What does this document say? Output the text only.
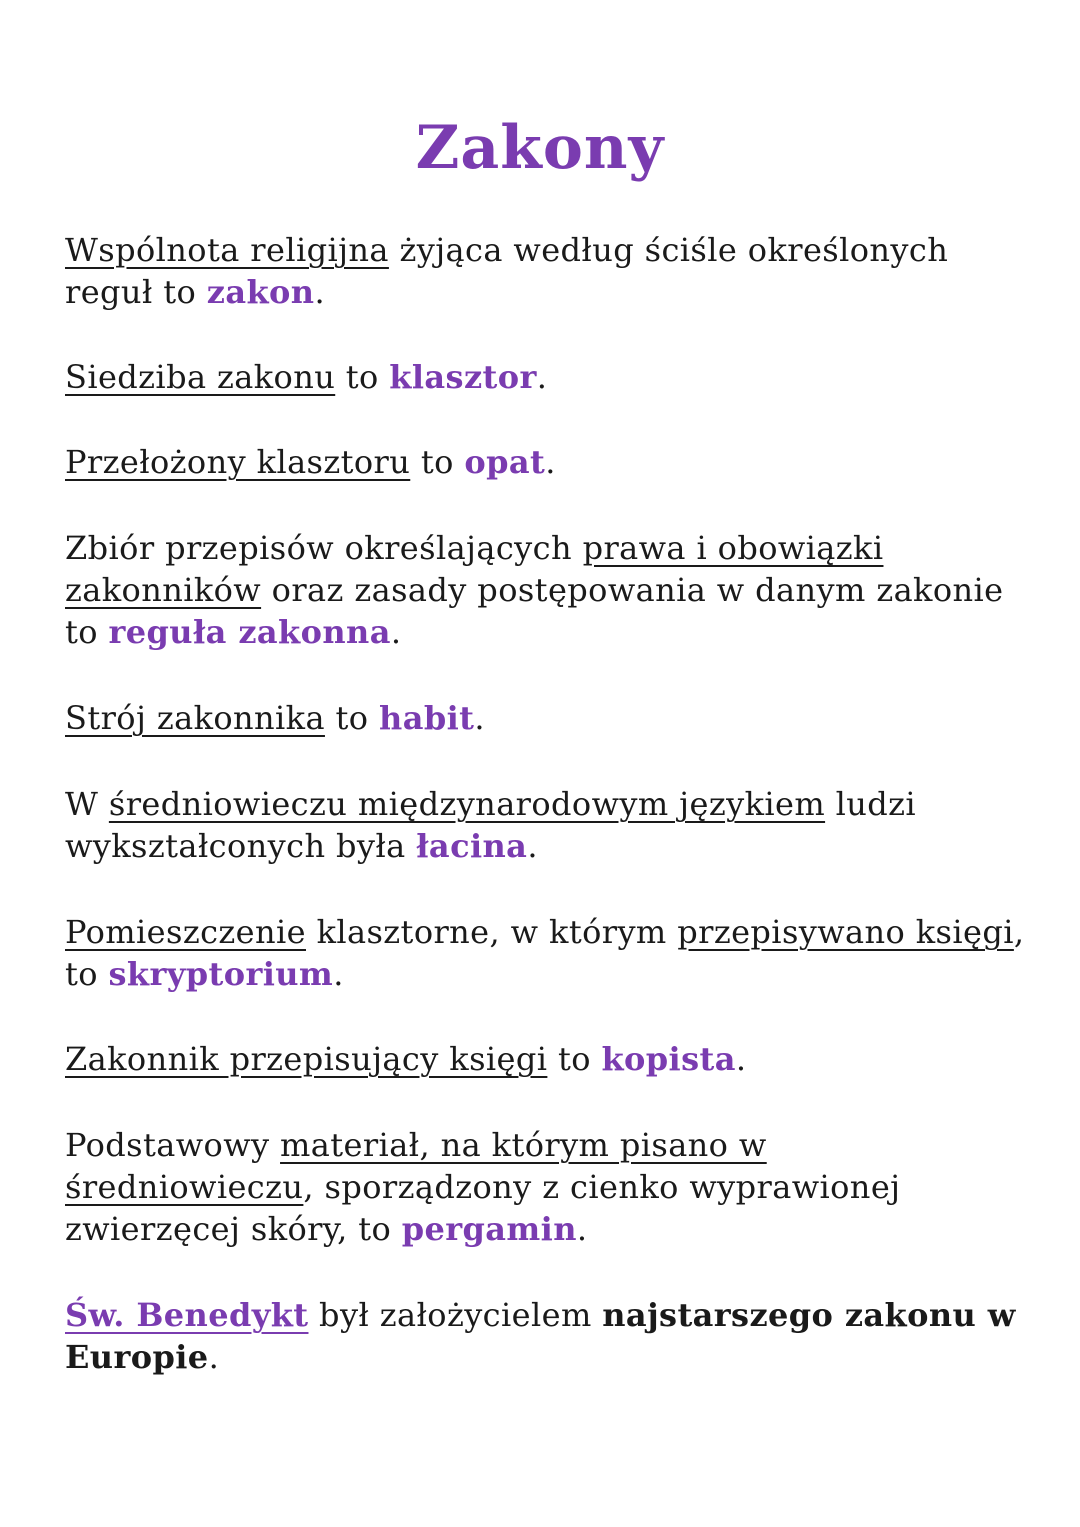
Zakony

Wspólnota religijna żyjąca według ściśle określonych reguł to zakon.

Siedziba zakonu to klasztor.

Przełożony klasztoru to opat.

Zbiór przepisów określających prawa i obowiązki zakonników oraz zasady postępowania w danym zakonie to reguła zakonna.

Strój zakonnika to habit.

W średniowieczu międzynarodowym językiem ludzi wykształconych była łacina.

Pomieszczenie klasztorne, w którym przepisywano księgi, to skryptorium.

Zakonnik przepisujący księgi to kopista.

Podstawowy materiał, na którym pisano w średniowieczu, sporządzony z cienko wyprawionej zwierzęcej skóry, to pergamin.

Św. Benedykt był założycielem najstarszego zakonu w Europie.
